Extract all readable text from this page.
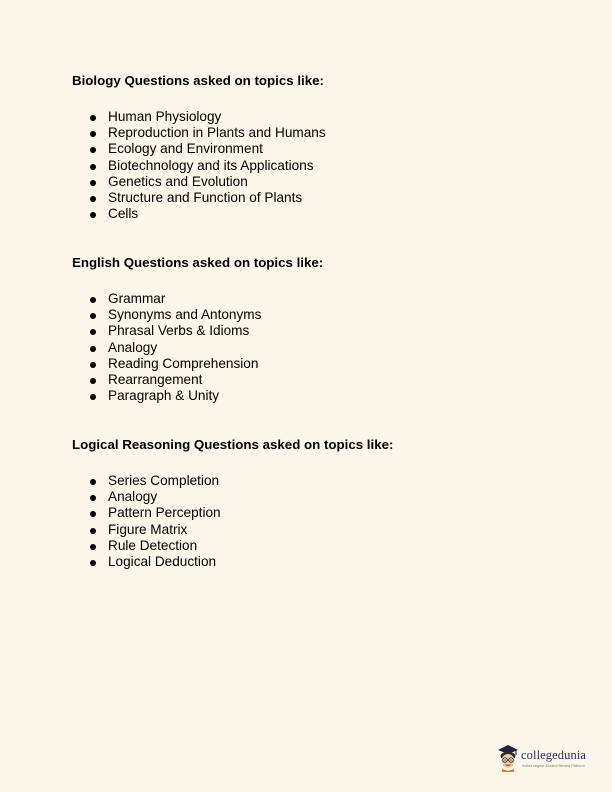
Biology Questions asked on topics like:
Human Physiology
Reproduction in Plants and Humans
Ecology and Environment
Biotechnology and its Applications
Genetics and Evolution
Structure and Function of Plants
Cells
English Questions asked on topics like:
Grammar
Synonyms and Antonyms
Phrasal Verbs & Idioms
Analogy
Reading Comprehension
Rearrangement
Paragraph & Unity
Logical Reasoning Questions asked on topics like:
Series Completion
Analogy
Pattern Perception
Figure Matrix
Rule Detection
Logical Deduction
collegedunia
India's largest Student Review Platform
